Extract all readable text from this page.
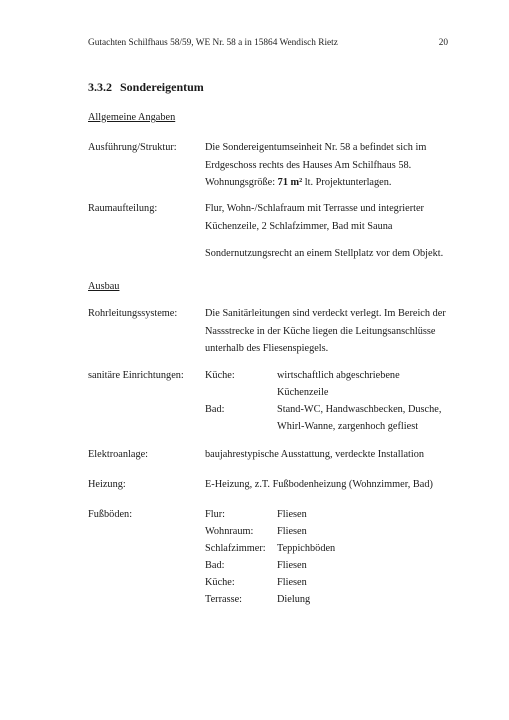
Gutachten Schilfhaus 58/59, WE Nr. 58 a in 15864 Wendisch Rietz	20
3.3.2 Sondereigentum
Allgemeine Angaben
Ausführung/Struktur:	Die Sondereigentumseinheit Nr. 58 a befindet sich im
Erdgeschoss rechts des Hauses Am Schilfhaus 58.
Wohnungsgröße: 71 m² lt. Projektunterlagen.
Raumaufteilung:	Flur, Wohn-/Schlafraum mit Terrasse und integrierter
Küchenzeile, 2 Schlafzimmer, Bad mit Sauna
Sondernutzungsrecht an einem Stellplatz vor dem Objekt.
Ausbau
Rohrleitungssysteme:	Die Sanitärleitungen sind verdeckt verlegt. Im Bereich der
Nassstrecke in der Küche liegen die Leitungsanschlüsse
unterhalb des Fliesenspiegels.
sanitäre Einrichtungen: Küche:	wirtschaftlich abgeschriebene
Küchenzeile
Bad:	Stand-WC, Handwaschbecken, Dusche,
Whirl-Wanne, zargenhoch gefliest
Elektroanlage:	baujahrestypische Ausstattung, verdeckte Installation
Heizung:	E-Heizung, z.T. Fußbodenheizung (Wohnzimmer, Bad)
Fußböden:	Flur:	Fliesen
Wohnraum:	Fliesen
Schlafzimmer:	Teppichböden
Bad:	Fliesen
Küche:	Fliesen
Terrasse:	Dielung
